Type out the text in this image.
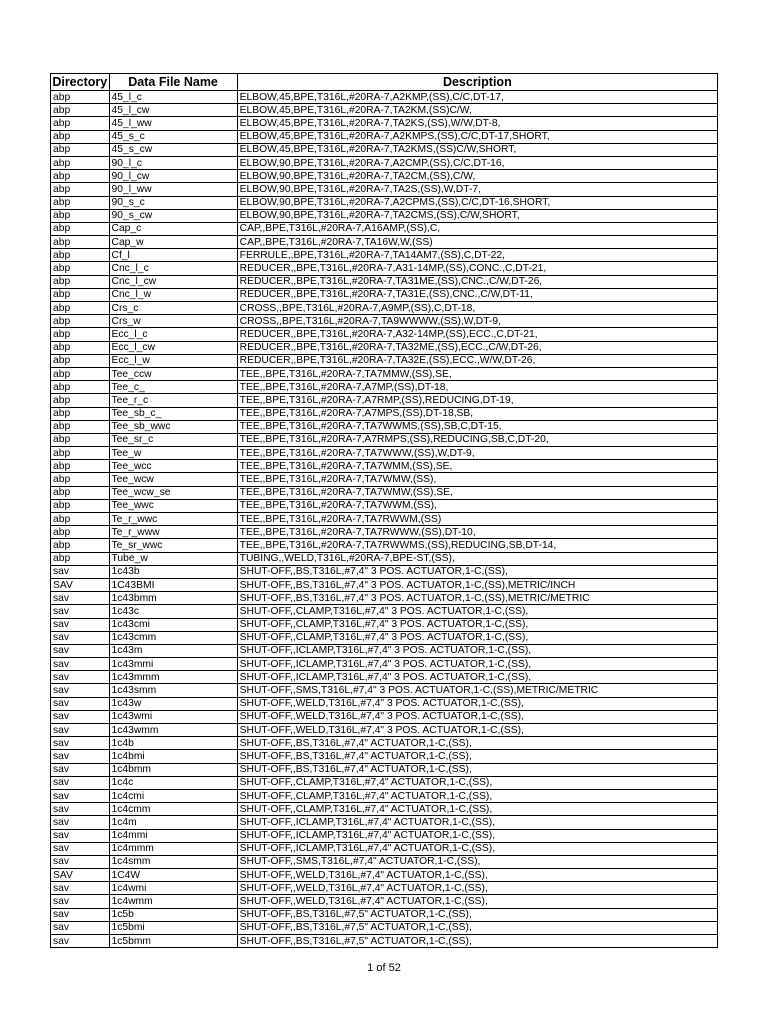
Directory	Data File Name	Description
abp	45_l_c	ELBOW,45,BPE,T316L,#20RA-7,A2KMP,(SS),C/C,DT-17,
abp	45_l_cw	ELBOW,45,BPE,T316L,#20RA-7,TA2KM,(SS)C/W,
abp	45_l_ww	ELBOW,45,BPE,T316L,#20RA-7,TA2KS,(SS),W/W,DT-8,
abp	45_s_c	ELBOW,45,BPE,T316L,#20RA-7,A2KMPS,(SS),C/C,DT-17,SHORT,
abp	45_s_cw	ELBOW,45,BPE,T316L,#20RA-7,TA2KMS,(SS)C/W,SHORT,
abp	90_l_c	ELBOW,90,BPE,T316L,#20RA-7,A2CMP,(SS),C/C,DT-16,
abp	90_l_cw	ELBOW,90,BPE,T316L,#20RA-7,TA2CM,(SS),C/W,
abp	90_l_ww	ELBOW,90,BPE,T316L,#20RA-7,TA2S,(SS),W,DT-7,
abp	90_s_c	ELBOW,90,BPE,T316L,#20RA-7,A2CPMS,(SS),C/C,DT-16,SHORT,
abp	90_s_cw	ELBOW,90,BPE,T316L,#20RA-7,TA2CMS,(SS),C/W,SHORT,
abp	Cap_c	CAP,,BPE,T316L,#20RA-7,A16AMP,(SS),C,
abp	Cap_w	CAP,,BPE,T316L,#20RA-7,TA16W,W,(SS)
abp	Cf_l	FERRULE,,BPE,T316L,#20RA-7,TA14AM7,(SS),C,DT-22,
abp	Cnc_l_c	REDUCER,,BPE,T316L,#20RA-7,A31-14MP,(SS),CONC.,C,DT-21,
abp	Cnc_l_cw	REDUCER,,BPE,T316L,#20RA-7,TA31ME,(SS),CNC.,C/W,DT-26,
abp	Cnc_l_w	REDUCER,,BPE,T316L,#20RA-7,TA31E,(SS),CNC.,C/W,DT-11,
abp	Crs_c	CROSS,,BPE,T316L,#20RA-7,A9MP,(SS),C,DT-18,
abp	Crs_w	CROSS,,BPE,T316L,#20RA-7,TA9WWWW,(SS),W,DT-9,
abp	Ecc_l_c	REDUCER,,BPE,T316L,#20RA-7,A32-14MP,(SS),ECC.,C,DT-21,
abp	Ecc_l_cw	REDUCER,,BPE,T316L,#20RA-7,TA32ME,(SS),ECC.,C/W,DT-26,
abp	Ecc_l_w	REDUCER,,BPE,T316L,#20RA-7,TA32E,(SS),ECC.,W/W,DT-26,
abp	Tee_ccw	TEE,,BPE,T316L,#20RA-7,TA7MMW,(SS),SE,
abp	Tee_c_	TEE,,BPE,T316L,#20RA-7,A7MP,(SS),DT-18,
abp	Tee_r_c	TEE,,BPE,T316L,#20RA-7,A7RMP,(SS),REDUCING,DT-19,
abp	Tee_sb_c_	TEE,,BPE,T316L,#20RA-7,A7MPS,(SS),DT-18,SB,
abp	Tee_sb_wwc	TEE,,BPE,T316L,#20RA-7,TA7WWMS,(SS),SB,C,DT-15,
abp	Tee_sr_c	TEE,,BPE,T316L,#20RA-7,A7RMPS,(SS),REDUCING,SB,C,DT-20,
abp	Tee_w	TEE,,BPE,T316L,#20RA-7,TA7WWW,(SS),W,DT-9,
abp	Tee_wcc	TEE,,BPE,T316L,#20RA-7,TA7WMM,(SS),SE,
abp	Tee_wcw	TEE,,BPE,T316L,#20RA-7,TA7WMW,(SS),
abp	Tee_wcw_se	TEE,,BPE,T316L,#20RA-7,TA7WMW,(SS),SE,
abp	Tee_wwc	TEE,,BPE,T316L,#20RA-7,TA7WWM,(SS),
abp	Te_r_wwc	TEE,,BPE,T316L,#20RA-7,TA7RWWM,(SS)
abp	Te_r_www	TEE,,BPE,T316L,#20RA-7,TA7RWWW,(SS),DT-10,
abp	Te_sr_wwc	TEE,,BPE,T316L,#20RA-7,TA7RWWMS,(SS),REDUCING,SB,DT-14,
abp	Tube_w	TUBING,,WELD,T316L,#20RA-7,BPE-ST,(SS),
sav	1c43b	SHUT-OFF,,BS,T316L,#7,4" 3 POS. ACTUATOR,1-C,(SS),
SAV	1C43BMI	SHUT-OFF,,BS,T316L,#7,4" 3 POS. ACTUATOR,1-C,(SS),METRIC/INCH
sav	1c43bmm	SHUT-OFF,,BS,T316L,#7,4" 3 POS. ACTUATOR,1-C,(SS),METRIC/METRIC
sav	1c43c	SHUT-OFF,,CLAMP,T316L,#7,4" 3 POS. ACTUATOR,1-C,(SS),
sav	1c43cmi	SHUT-OFF,,CLAMP,T316L,#7,4" 3 POS. ACTUATOR,1-C,(SS),
sav	1c43cmm	SHUT-OFF,,CLAMP,T316L,#7,4" 3 POS. ACTUATOR,1-C,(SS),
sav	1c43m	SHUT-OFF,,ICLAMP,T316L,#7,4" 3 POS. ACTUATOR,1-C,(SS),
sav	1c43mmi	SHUT-OFF,,ICLAMP,T316L,#7,4" 3 POS. ACTUATOR,1-C,(SS),
sav	1c43mmm	SHUT-OFF,,ICLAMP,T316L,#7,4" 3 POS. ACTUATOR,1-C,(SS),
sav	1c43smm	SHUT-OFF,,SMS,T316L,#7,4" 3 POS. ACTUATOR,1-C,(SS),METRIC/METRIC
sav	1c43w	SHUT-OFF,,WELD,T316L,#7,4" 3 POS. ACTUATOR,1-C,(SS),
sav	1c43wmi	SHUT-OFF,,WELD,T316L,#7,4" 3 POS. ACTUATOR,1-C,(SS),
sav	1c43wmm	SHUT-OFF,,WELD,T316L,#7,4" 3 POS. ACTUATOR,1-C,(SS),
sav	1c4b	SHUT-OFF,,BS,T316L,#7,4" ACTUATOR,1-C,(SS),
sav	1c4bmi	SHUT-OFF,,BS,T316L,#7,4" ACTUATOR,1-C,(SS),
sav	1c4bmm	SHUT-OFF,,BS,T316L,#7,4" ACTUATOR,1-C,(SS),
sav	1c4c	SHUT-OFF,,CLAMP,T316L,#7,4" ACTUATOR,1-C,(SS),
sav	1c4cmi	SHUT-OFF,,CLAMP,T316L,#7,4" ACTUATOR,1-C,(SS),
sav	1c4cmm	SHUT-OFF,,CLAMP,T316L,#7,4" ACTUATOR,1-C,(SS),
sav	1c4m	SHUT-OFF,,ICLAMP,T316L,#7,4" ACTUATOR,1-C,(SS),
sav	1c4mmi	SHUT-OFF,,ICLAMP,T316L,#7,4" ACTUATOR,1-C,(SS),
sav	1c4mmm	SHUT-OFF,,ICLAMP,T316L,#7,4" ACTUATOR,1-C,(SS),
sav	1c4smm	SHUT-OFF,,SMS,T316L,#7,4" ACTUATOR,1-C,(SS),
SAV	1C4W	SHUT-OFF,,WELD,T316L,#7,4" ACTUATOR,1-C,(SS),
sav	1c4wmi	SHUT-OFF,,WELD,T316L,#7,4" ACTUATOR,1-C,(SS),
sav	1c4wmm	SHUT-OFF,,WELD,T316L,#7,4" ACTUATOR,1-C,(SS),
sav	1c5b	SHUT-OFF,,BS,T316L,#7,5" ACTUATOR,1-C,(SS),
sav	1c5bmi	SHUT-OFF,,BS,T316L,#7,5" ACTUATOR,1-C,(SS),
sav	1c5bmm	SHUT-OFF,,BS,T316L,#7,5" ACTUATOR,1-C,(SS),
1 of 52
